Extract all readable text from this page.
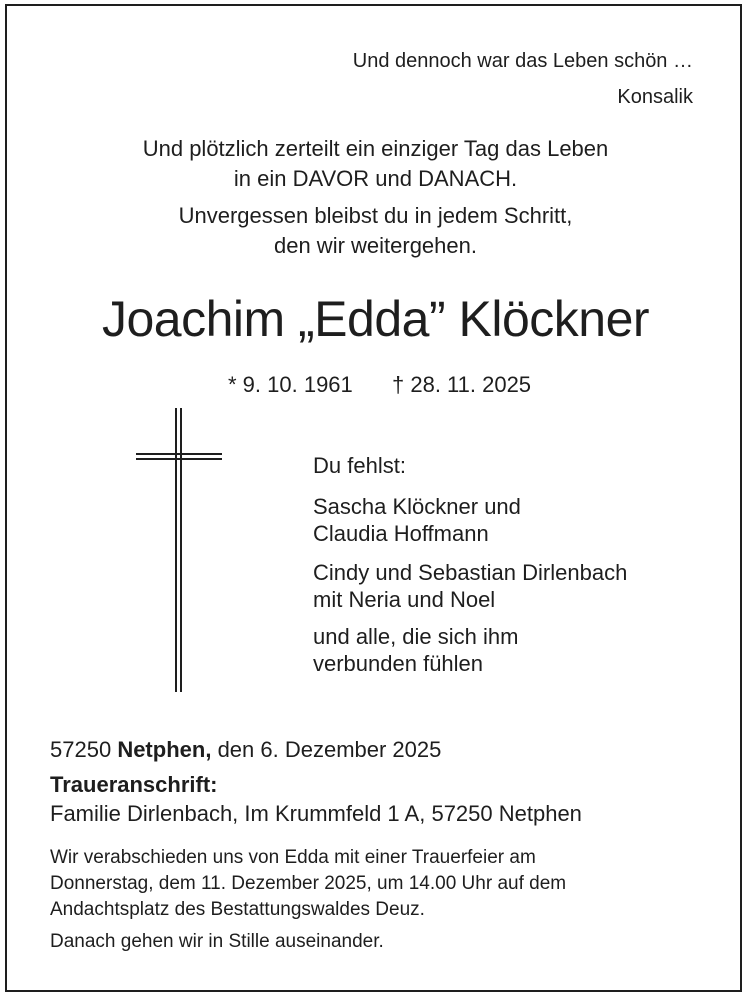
Und dennoch war das Leben schön …
Konsalik
Und plötzlich zerteilt ein einziger Tag das Leben
in ein DAVOR und DANACH.
Unvergessen bleibst du in jedem Schritt,
den wir weitergehen.
Joachim „Edda” Klöckner
* 9. 10. 1961 † 28. 11. 2025
Du fehlst:
Sascha Klöckner und
Claudia Hoffmann
Cindy und Sebastian Dirlenbach
mit Neria und Noel
und alle, die sich ihm
verbunden fühlen
57250 Netphen, den 6. Dezember 2025
Traueranschrift:
Familie Dirlenbach, Im Krummfeld 1 A, 57250 Netphen
Wir verabschieden uns von Edda mit einer Trauerfeier am
Donnerstag, dem 11. Dezember 2025, um 14.00 Uhr auf dem
Andachtsplatz des Bestattungswaldes Deuz.
Danach gehen wir in Stille auseinander.
